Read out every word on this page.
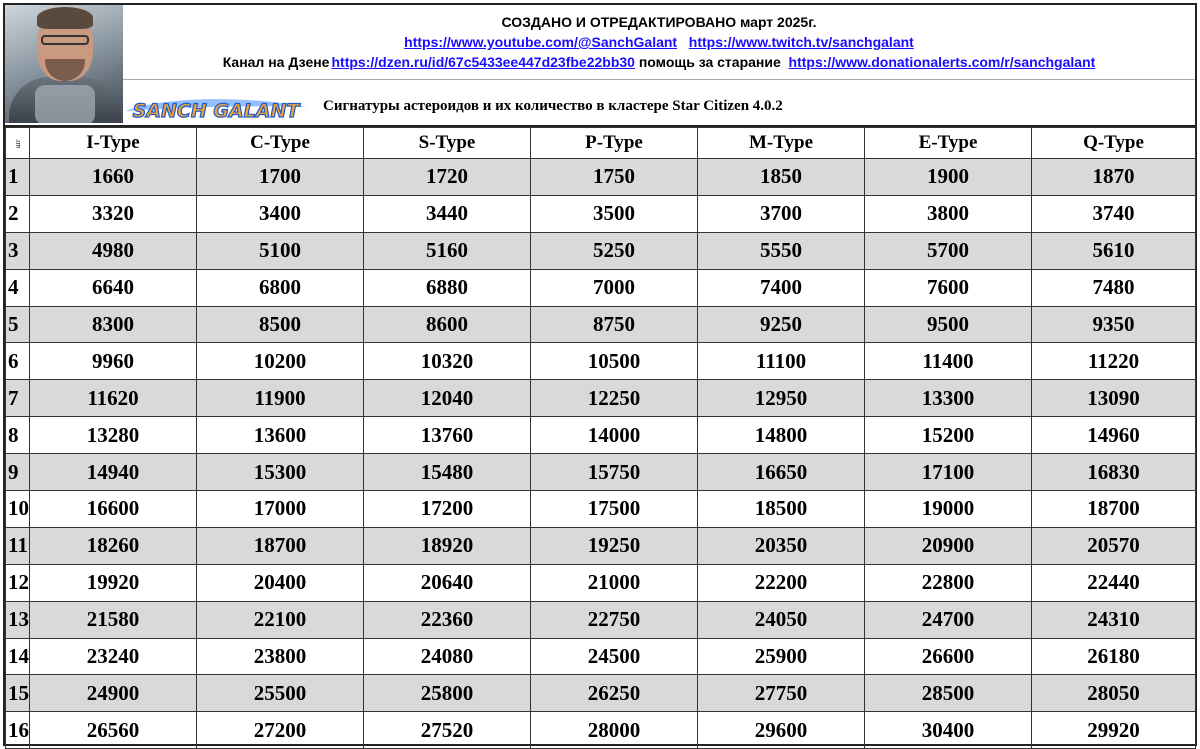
SANCH GALANT
СОЗДАНО И ОТРЕДАКТИРОВАНО март 2025г.
https://www.youtube.com/@SanchGalant https://www.twitch.tv/sanchgalant
Канал на Дзене https://dzen.ru/id/67c5433ee447d23fbe22bb30 помощь за старание https://www.donationalerts.com/r/sanchgalant
Сигнатуры астероидов и их количество в кластере Star Citizen 4.0.2
шт	I-Type	C-Type	S-Type	P-Type	M-Type	E-Type	Q-Type
1	1660	1700	1720	1750	1850	1900	1870
2	3320	3400	3440	3500	3700	3800	3740
3	4980	5100	5160	5250	5550	5700	5610
4	6640	6800	6880	7000	7400	7600	7480
5	8300	8500	8600	8750	9250	9500	9350
6	9960	10200	10320	10500	11100	11400	11220
7	11620	11900	12040	12250	12950	13300	13090
8	13280	13600	13760	14000	14800	15200	14960
9	14940	15300	15480	15750	16650	17100	16830
10	16600	17000	17200	17500	18500	19000	18700
11	18260	18700	18920	19250	20350	20900	20570
12	19920	20400	20640	21000	22200	22800	22440
13	21580	22100	22360	22750	24050	24700	24310
14	23240	23800	24080	24500	25900	26600	26180
15	24900	25500	25800	26250	27750	28500	28050
16	26560	27200	27520	28000	29600	30400	29920
